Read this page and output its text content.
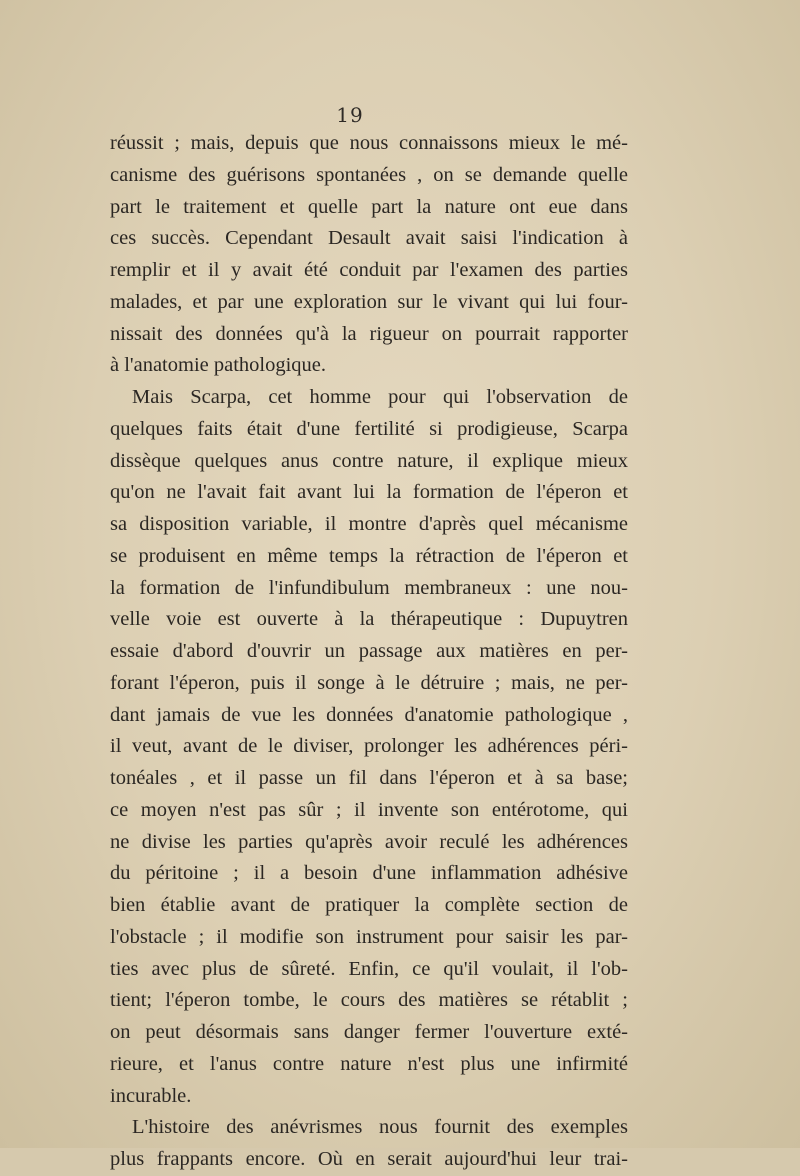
19
réussit ; mais, depuis que nous connaissons mieux le mé-
canisme des guérisons spontanées , on se demande quelle
part le traitement et quelle part la nature ont eue dans
ces succès. Cependant Desault avait saisi l'indication à
remplir et il y avait été conduit par l'examen des parties
malades, et par une exploration sur le vivant qui lui four-
nissait des données qu'à la rigueur on pourrait rapporter
à l'anatomie pathologique.
Mais Scarpa, cet homme pour qui l'observation de
quelques faits était d'une fertilité si prodigieuse, Scarpa
dissèque quelques anus contre nature, il explique mieux
qu'on ne l'avait fait avant lui la formation de l'éperon et
sa disposition variable, il montre d'après quel mécanisme
se produisent en même temps la rétraction de l'éperon et
la formation de l'infundibulum membraneux : une nou-
velle voie est ouverte à la thérapeutique : Dupuytren
essaie d'abord d'ouvrir un passage aux matières en per-
forant l'éperon, puis il songe à le détruire ; mais, ne per-
dant jamais de vue les données d'anatomie pathologique ,
il veut, avant de le diviser, prolonger les adhérences péri-
tonéales , et il passe un fil dans l'éperon et à sa base;
ce moyen n'est pas sûr ; il invente son entérotome, qui
ne divise les parties qu'après avoir reculé les adhérences
du péritoine ; il a besoin d'une inflammation adhésive
bien établie avant de pratiquer la complète section de
l'obstacle ; il modifie son instrument pour saisir les par-
ties avec plus de sûreté. Enfin, ce qu'il voulait, il l'ob-
tient; l'éperon tombe, le cours des matières se rétablit ;
on peut désormais sans danger fermer l'ouverture exté-
rieure, et l'anus contre nature n'est plus une infirmité
incurable.
L'histoire des anévrismes nous fournit des exemples
plus frappants encore. Où en serait aujourd'hui leur trai-
